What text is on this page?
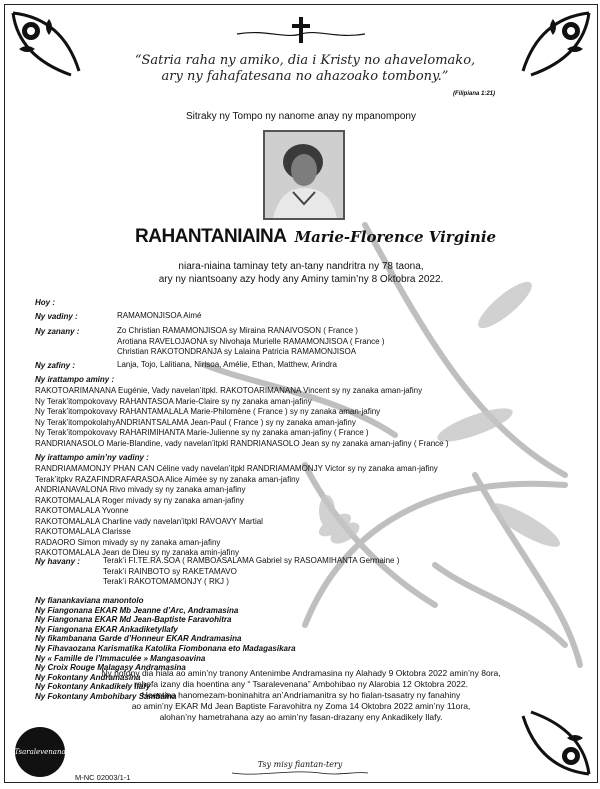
“Satria raha ny amiko, dia i Kristy no ahavelomako,
ary ny fahafatesana no ahazoako tombony.”
(Filipiana 1:21)
Sitraky ny Tompo ny nanome anay ny mpanompony
RAHANTANIAINA Marie-Florence Virginie
niara-niaina taminay tety an-tany nandritra ny 78 taona,
ary ny niantsoany azy hody any Aminy tamin’ny 8 Oktobra 2022.
Hoy :
Ny vadiny :	RAMAMONJISOA Aimé
Ny zanany :	Zo Christian RAMAMONJISOA sy Miraina RANAIVOSON ( France )
Arotiana RAVELOJAONA sy Nivohaja Murielle RAMAMONJISOA ( France )
Christian RAKOTONDRANJA sy Lalaina Patricia RAMAMONJISOA
Ny zafiny :	Lanja, Tojo, Lalitiana, Nirisoa, Amélie, Ethan, Matthew, Arindra
Ny irattampo aminy :
RAKOTOARIMANANA Eugénie, Vady navelan’itpkl. RAKOTOARIMANANA Vincent sy ny zanaka aman-jafiny
Ny Terak’itompokovavy RAHANTASOA Marie-Claire sy ny zanaka aman-jafiny
Ny Terak’itompokovavy RAHANTAMALALA Marie-Philomène ( France ) sy ny zanaka aman-jafiny
Ny Terak’itompokolahyANDRIANTSALAMA Jean-Paul ( France ) sy ny zanaka aman-jafiny
Ny Terak’itompokovavy RAHARIMIHANTA Marie-Julienne sy ny zanaka aman-jafiny ( France )
RANDRIANASOLO Marie-Blandine, vady navelan’itpkl RANDRIANASOLO Jean sy ny zanaka aman-jafiny ( France )
Ny irattampo amin’ny vadiny :
RANDRIAMAMONJY PHAN CAN Céline vady navelan’itpkl RANDRIAMAMONJY Victor sy ny zanaka aman-jafiny
Terak’itpkv RAZAFINDRAFARASOA Alice Aimée sy ny zanaka aman-jafiny
ANDRIANAVALONA Rivo mivady sy ny zanaka aman-jafiny
RAKOTOMALALA Roger mivady sy ny zanaka aman-jafiny
RAKOTOMALALA Yvonne
RAKOTOMALALA Charline vady navelan’itpkl RAVOAVY Martial
RAKOTOMALALA Clarisse
RADAORO Simon mivady sy ny zanaka aman-jafiny
RAKOTOMALALA Jean de Dieu sy ny zanaka amin-jafiny
Ny havany :	Terak’i FI.TE.RA.SOA ( RAMBOASALAMA Gabriel sy RASOAMIHANTA Germaine )
Terak’i RAINBOTO sy RAKETAMAVO
Terak’i RAKOTOMAMONJY ( RKJ )
Ny fianankaviana manontolo
Ny Fiangonana EKAR Mb Jeanne d’Arc, Andramasina
Ny Fiangonana EKAR Md Jean-Baptiste Faravohitra
Ny Fiangonana EKAR Ankadiketyllafy
Ny fikambanana Garde d’Honneur EKAR Andramasina
Ny Fihavaozana Karismatika Katolika Fiombonana eto Madagasikara
Ny « Famille de l’Immaculée » Mangasoavina
Ny Croix Rouge Malagasy Andramasina
Ny Fokontany Andramasina
Ny Fokontany Ankadikely Ilafy
Ny Fokontany Ambohibary Sambaina
Ny nofony dia hiala ao amin’ny tranony Antenimbe Andramasina ny Alahady 9 Oktobra 2022 amin’ny 8ora,
rehefa izany dia hoentina any “ Tsaralevenana” Ambohibao ny Alarobia 12 Oktobra 2022.
Hoentina hanomezam-boninahitra an’Andriamanitra sy ho fialan-tsasatry ny fanahiny
ao amin’ny EKAR Md Jean Baptiste Faravohitra ny Zoma 14 Oktobra 2022 amin’ny 11ora,
alohan’ny hametrahana azy ao amin’ny fasan-drazany eny Ankadikely Ilafy.
Tsaralevenana
M-NC 02003/1-1
Tsy misy fiantan-tery
